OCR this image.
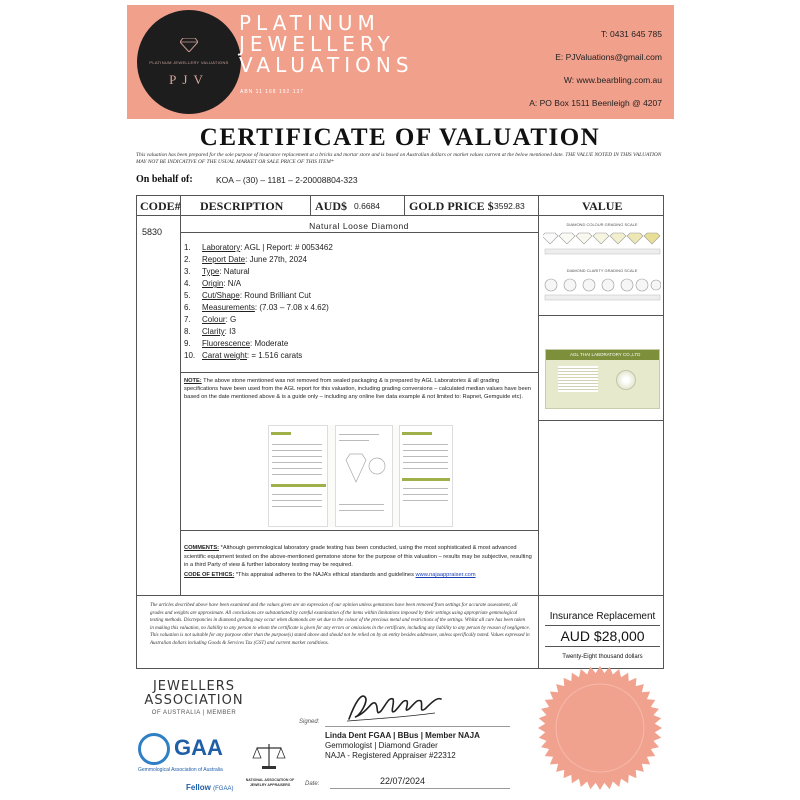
PLATINUM JEWELLERY VALUATIONS
PJV
PLATINUM
JEWELLERY
VALUATIONS
ABN 11 168 192 137
T: 0431 645 785
E: PJValuations@gmail.com
W: www.bearbling.com.au
A: PO Box 1511 Beenleigh @ 4207
CERTIFICATE OF VALUATION
This valuation has been prepared for the sole purpose of insurance replacement at a bricks and mortar store and is based on Australian dollars or market values current at the below mentioned date. THE VALUE NOTED IN THIS VALUATION MAY NOT BE INDICATIVE OF THE USUAL MARKET OR SALE PRICE OF THIS ITEM*
On behalf of:	KOA – (30) – 1181 – 2-20008804-323
CODE# DESCRIPTION	AUD$ 0.6684 GOLD PRICE $ 3592.83	VALUE
5830
Natural Loose Diamond
1. Laboratory: AGL | Report: # 0053462
2. Report Date: June 27th, 2024
3. Type: Natural
4. Origin: N/A
5. Cut/Shape: Round Brilliant Cut
6. Measurements: (7.03 – 7.08 x 4.62)
7. Colour: G
8. Clarity: I3
9. Fluorescence: Moderate
10. Carat weight: = 1.516 carats
NOTE: The above stone mentioned was not removed from sealed packaging & is prepared by AGL Laboratories & all grading specifications have been used from the AGL report for this valuation, including grading conversions – calculated median values have been based on the date mentioned above & is a guide only – including any online live data example & not limited to: Rapnet, Gemguide etc).
COMMENTS: *Although gemmological laboratory grade testing has been conducted, using the most sophisticated & most advanced scientific equipment tested on the above-mentioned gemstone stone for the purpose of this valuation – results may be subjective, resulting in a third Party of view & further laboratory testing may be required.
CODE OF ETHICS: *This appraisal adheres to the NAJA’s ethical standards and guidelines www.najaappraiser.com
The articles described above have been examined and the values given are an expression of our opinion unless gemstones have been removed from settings for accurate assessment, all grades and weights are approximate. All conclusions are substantiated by careful examination of the items within limitations imposed by their settings using appropriate gemmological testing methods. Discrepancies in diamond grading may occur when diamonds are set due to the colour of the precious metal and restrictions of the settings. Whilst all care has been taken in making this valuation, no liability to any person to whom the certificate is given for any errors or omissions in the certificate, including any liability to any person by reason of negligence. This valuation is not suitable for any purpose other than the purpose(s) stated above and should not be relied on by an entity besides addressee, unless specifically noted. Values expressed in Australian dollars including Goods & Services Tax (GST) and current market conditions.
DIAMOND COLOUR GRADING SCALE
DIAMOND CLARITY GRADING SCALE
AGL THAI LABORATORY CO.,LTD
Insurance Replacement
AUD $28,000
Twenty-Eight thousand dollars
JEWELLERS
ASSOCIATION
OF AUSTRALIA | MEMBER
GAA
Gemmological Association of Australia
Fellow (FGAA)
NATIONAL ASSOCIATION OF JEWELRY APPRAISERS
Signed:
Linda Dent FGAA | BBus | Member NAJA
Gemmologist | Diamond Grader
NAJA - Registered Appraiser #22312
Date:	22/07/2024
